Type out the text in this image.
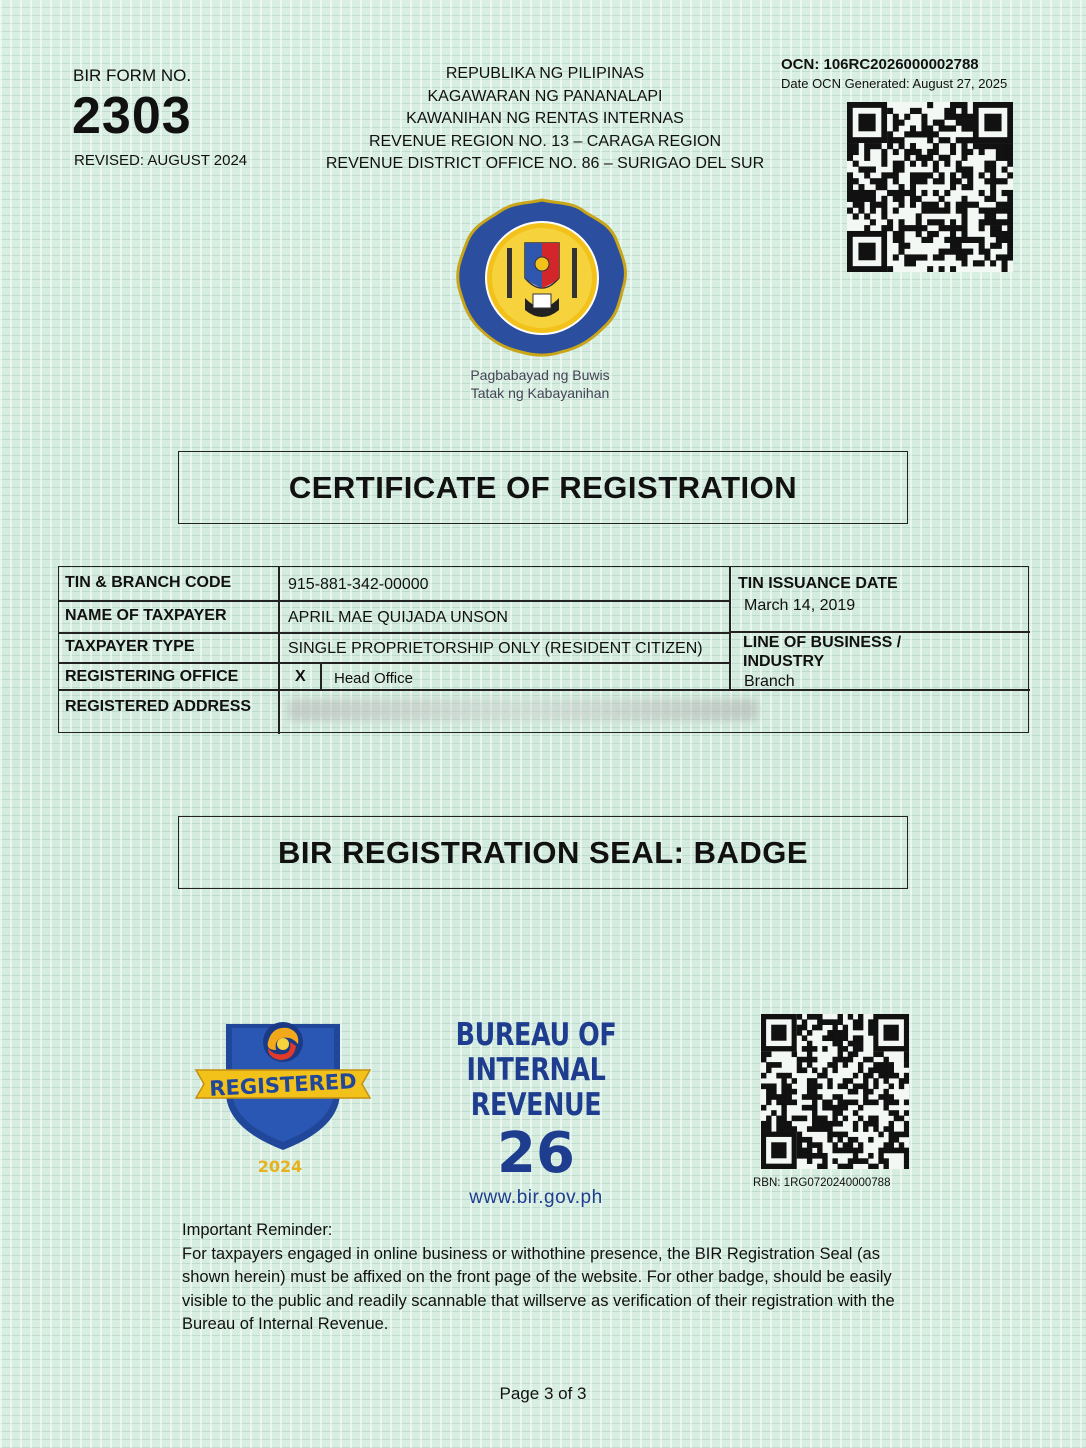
BIR FORM NO.
2303
REVISED: AUGUST 2024
REPUBLIKA NG PILIPINAS
KAGAWARAN NG PANANALAPI
KAWANIHAN NG RENTAS INTERNAS
REVENUE REGION NO. 13 – CARAGA REGION
REVENUE DISTRICT OFFICE NO. 86 – SURIGAO DEL SUR
Pagbabayad ng Buwis
Tatak ng Kabayanihan
OCN: 106RC2026000002788
Date OCN Generated: August 27, 2025
CERTIFICATE OF REGISTRATION
TIN & BRANCH CODE	915-881-342-00000
NAME OF TAXPAYER	APRIL MAE QUIJADA UNSON
TAXPAYER TYPE	SINGLE PROPRIETORSHIP ONLY (RESIDENT CITIZEN)
REGISTERING OFFICE	X Head Office
REGISTERED ADDRESS
TIN ISSUANCE DATE
March 14, 2019
LINE OF BUSINESS / INDUSTRY
Branch
BIR REGISTRATION SEAL: BADGE
REGISTERED
2024
BUREAU OF INTERNAL
REVENUE
26
www.bir.gov.ph
RBN: 1RG0720240000788
Important Reminder:
For taxpayers engaged in online business or withothine presence, the BIR Registration Seal (as shown herein) must be affixed on the front page of the website. For other badge, should be easily visible to the public and readily scannable that willserve as verification of their registration with the Bureau of Internal Revenue.
Page 3 of 3
